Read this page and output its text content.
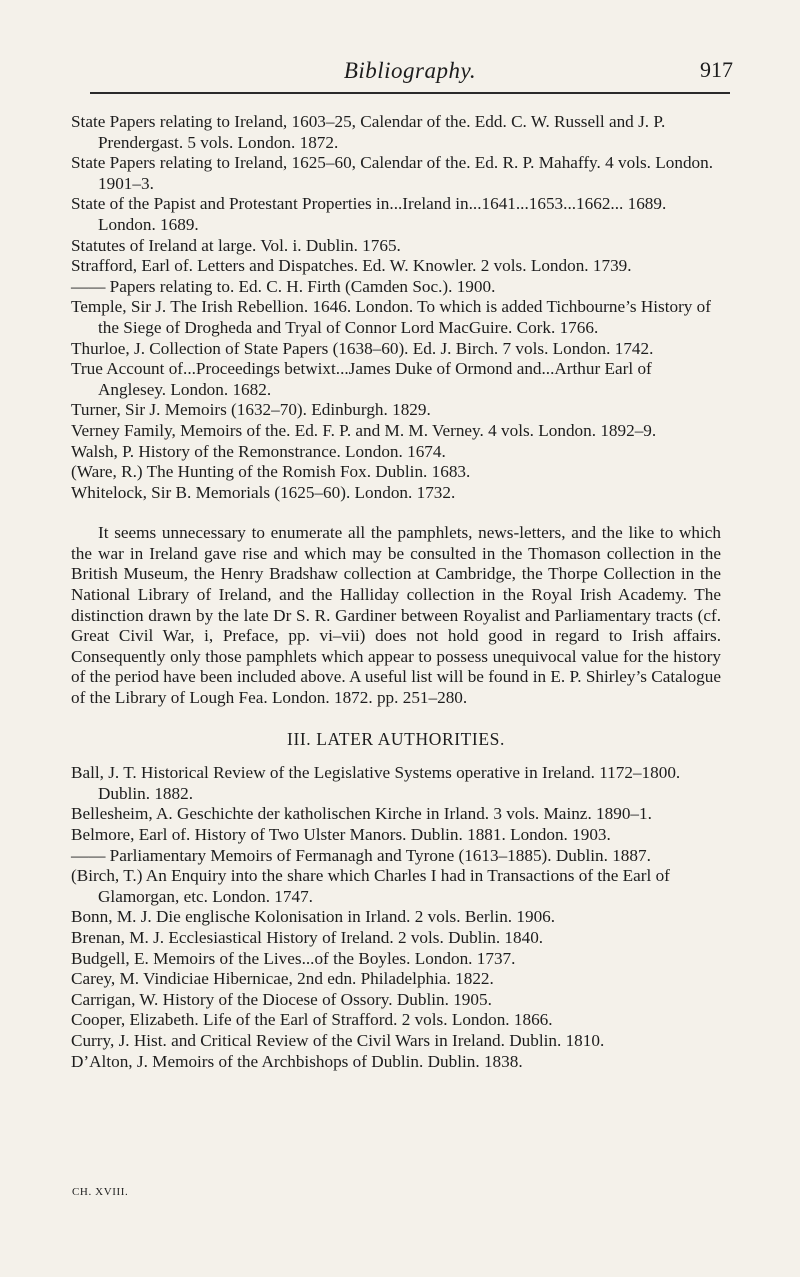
Bibliography.	917

State Papers relating to Ireland, 1603–25, Calendar of the. Edd. C. W. Russell and J. P. Prendergast. 5 vols. London. 1872.

State Papers relating to Ireland, 1625–60, Calendar of the. Ed. R. P. Mahaffy. 4 vols. London. 1901–3.

State of the Papist and Protestant Properties in...Ireland in...1641...1653...1662... 1689. London. 1689.

Statutes of Ireland at large. Vol. i. Dublin. 1765.

Strafford, Earl of. Letters and Dispatches. Ed. W. Knowler. 2 vols. London. 1739.

—— Papers relating to. Ed. C. H. Firth (Camden Soc.). 1900.

Temple, Sir J. The Irish Rebellion. 1646. London. To which is added Tichbourne’s History of the Siege of Drogheda and Tryal of Connor Lord MacGuire. Cork. 1766.

Thurloe, J. Collection of State Papers (1638–60). Ed. J. Birch. 7 vols. London. 1742.

True Account of...Proceedings betwixt...James Duke of Ormond and...Arthur Earl of Anglesey. London. 1682.

Turner, Sir J. Memoirs (1632–70). Edinburgh. 1829.

Verney Family, Memoirs of the. Ed. F. P. and M. M. Verney. 4 vols. London. 1892–9.

Walsh, P. History of the Remonstrance. London. 1674.

(Ware, R.) The Hunting of the Romish Fox. Dublin. 1683.

Whitelock, Sir B. Memorials (1625–60). London. 1732.

It seems unnecessary to enumerate all the pamphlets, news-letters, and the like to which the war in Ireland gave rise and which may be consulted in the Thomason collection in the British Museum, the Henry Bradshaw collection at Cambridge, the Thorpe Collection in the National Library of Ireland, and the Halliday collection in the Royal Irish Academy. The distinction drawn by the late Dr S. R. Gardiner between Royalist and Parliamentary tracts (cf. Great Civil War, i, Preface, pp. vi–vii) does not hold good in regard to Irish affairs. Consequently only those pamphlets which appear to possess unequivocal value for the history of the period have been included above. A useful list will be found in E. P. Shirley’s Catalogue of the Library of Lough Fea. London. 1872. pp. 251–280.

III. LATER AUTHORITIES.

Ball, J. T. Historical Review of the Legislative Systems operative in Ireland. 1172–1800. Dublin. 1882.

Bellesheim, A. Geschichte der katholischen Kirche in Irland. 3 vols. Mainz. 1890–1.

Belmore, Earl of. History of Two Ulster Manors. Dublin. 1881. London. 1903.

—— Parliamentary Memoirs of Fermanagh and Tyrone (1613–1885). Dublin. 1887.

(Birch, T.) An Enquiry into the share which Charles I had in Transactions of the Earl of Glamorgan, etc. London. 1747.

Bonn, M. J. Die englische Kolonisation in Irland. 2 vols. Berlin. 1906.

Brenan, M. J. Ecclesiastical History of Ireland. 2 vols. Dublin. 1840.

Budgell, E. Memoirs of the Lives...of the Boyles. London. 1737.

Carey, M. Vindiciae Hibernicae, 2nd edn. Philadelphia. 1822.

Carrigan, W. History of the Diocese of Ossory. Dublin. 1905.

Cooper, Elizabeth. Life of the Earl of Strafford. 2 vols. London. 1866.

Curry, J. Hist. and Critical Review of the Civil Wars in Ireland. Dublin. 1810.

D’Alton, J. Memoirs of the Archbishops of Dublin. Dublin. 1838.

CH. XVIII.
